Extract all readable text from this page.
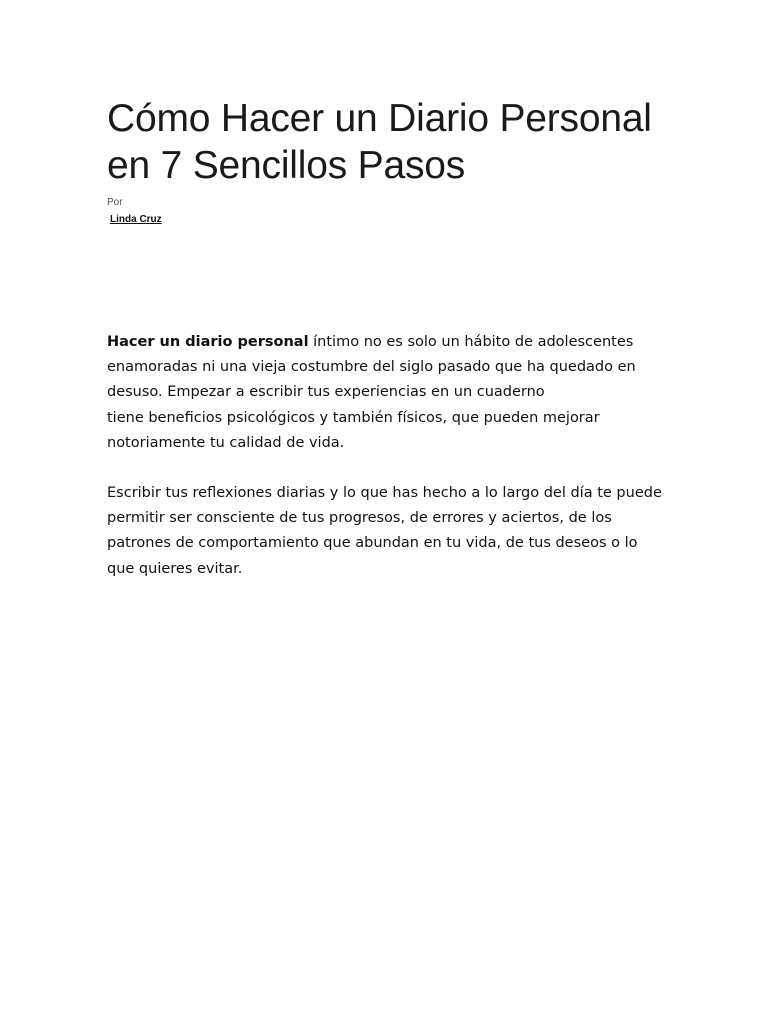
Cómo Hacer un Diario Personal
en 7 Sencillos Pasos
Por
Linda Cruz

Hacer un diario personal íntimo no es solo un hábito de adolescentes
enamoradas ni una vieja costumbre del siglo pasado que ha quedado en
desuso. Empezar a escribir tus experiencias en un cuaderno
tiene beneficios psicológicos y también físicos, que pueden mejorar
notoriamente tu calidad de vida.

Escribir tus reflexiones diarias y lo que has hecho a lo largo del día te puede
permitir ser consciente de tus progresos, de errores y aciertos, de los
patrones de comportamiento que abundan en tu vida, de tus deseos o lo
que quieres evitar.
